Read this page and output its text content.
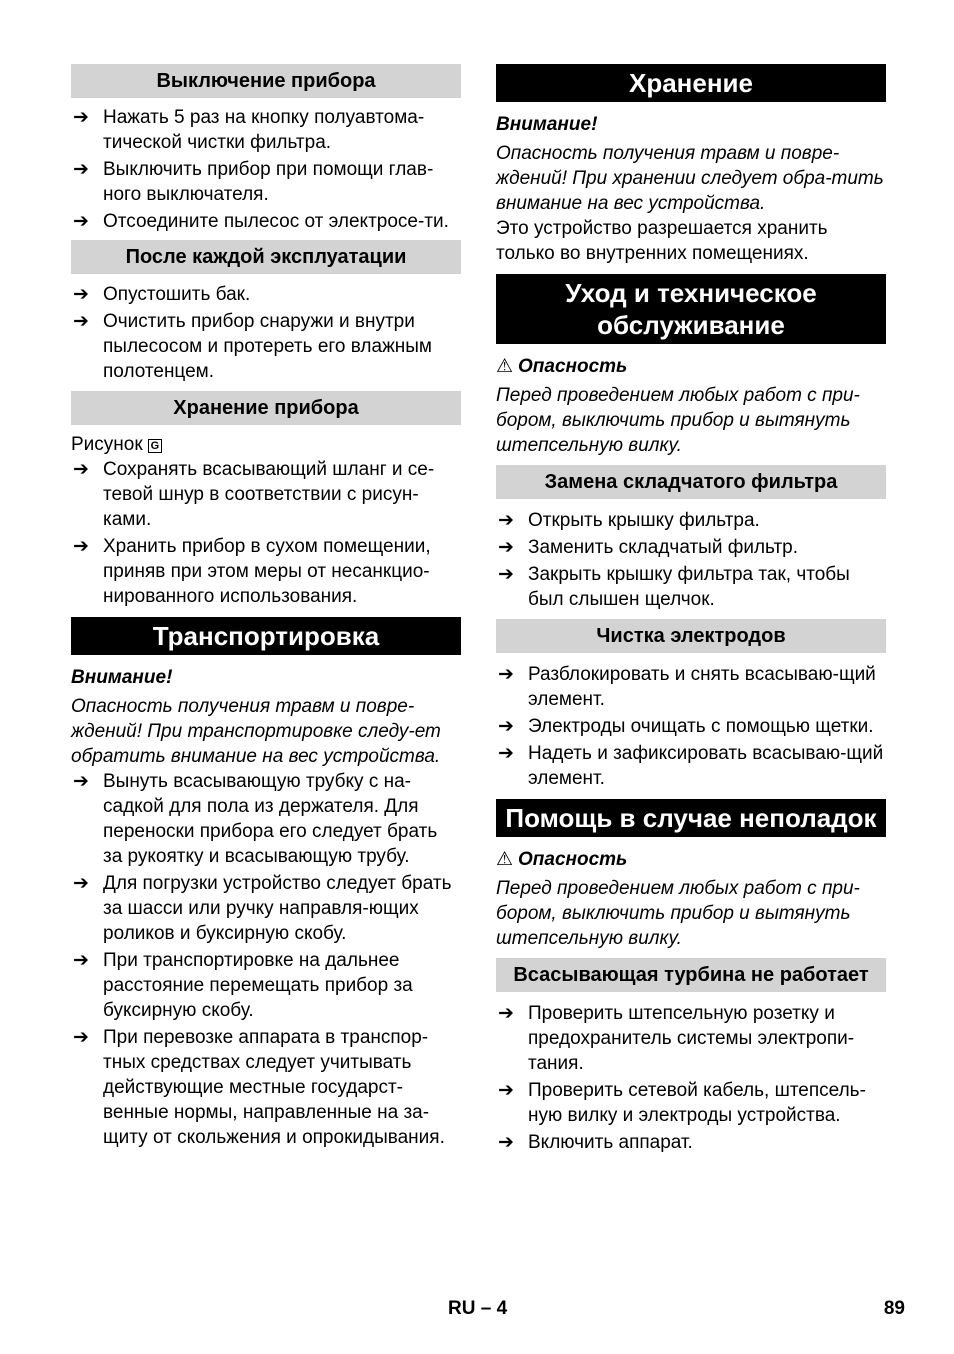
Выключение прибора
➔ Нажать 5 раз на кнопку полуавтома-тической чистки фильтра.
➔ Выключить прибор при помощи глав-ного выключателя.
➔ Отсоедините пылесос от электросе-ти.
После каждой эксплуатации
➔ Опустошить бак.
➔ Очистить прибор снаружи и внутри пылесосом и протереть его влажным полотенцем.
Хранение прибора
Рисунок G
➔ Сохранять всасывающий шланг и се-тевой шнур в соответствии с рисун-ками.
➔ Хранить прибор в сухом помещении, приняв при этом меры от несанкцио-нированного использования.
Транспортировка
Внимание!
Опасность получения травм и повре-ждений! При транспортировке следу-ет обратить внимание на вес устройства.
➔ Вынуть всасывающую трубку с на-садкой для пола из держателя. Для переноски прибора его следует брать за рукоятку и всасывающую трубу.
➔ Для погрузки устройство следует брать за шасси или ручку направля-ющих роликов и буксирную скобу.
➔ При транспортировке на дальнее расстояние перемещать прибор за буксирную скобу.
➔ При перевозке аппарата в транспор-тных средствах следует учитывать действующие местные государст-венные нормы, направленные на за-щиту от скольжения и опрокидывания.
Хранение
Внимание!
Опасность получения травм и повре-ждений! При хранении следует обра-тить внимание на вес устройства.
Это устройство разрешается хранить только во внутренних помещениях.
Уход и техническое обслуживание
⚠ Опасность
Перед проведением любых работ с при-бором, выключить прибор и вытянуть штепсельную вилку.
Замена складчатого фильтра
➔ Открыть крышку фильтра.
➔ Заменить складчатый фильтр.
➔ Закрыть крышку фильтра так, чтобы был слышен щелчок.
Чистка электродов
➔ Разблокировать и снять всасываю-щий элемент.
➔ Электроды очищать с помощью щетки.
➔ Надеть и зафиксировать всасываю-щий элемент.
Помощь в случае неполадок
⚠ Опасность
Перед проведением любых работ с при-бором, выключить прибор и вытянуть штепсельную вилку.
Всасывающая турбина не работает
➔ Проверить штепсельную розетку и предохранитель системы электропи-тания.
➔ Проверить сетевой кабель, штепсель-ную вилку и электроды устройства.
➔ Включить аппарат.
RU – 4	89
